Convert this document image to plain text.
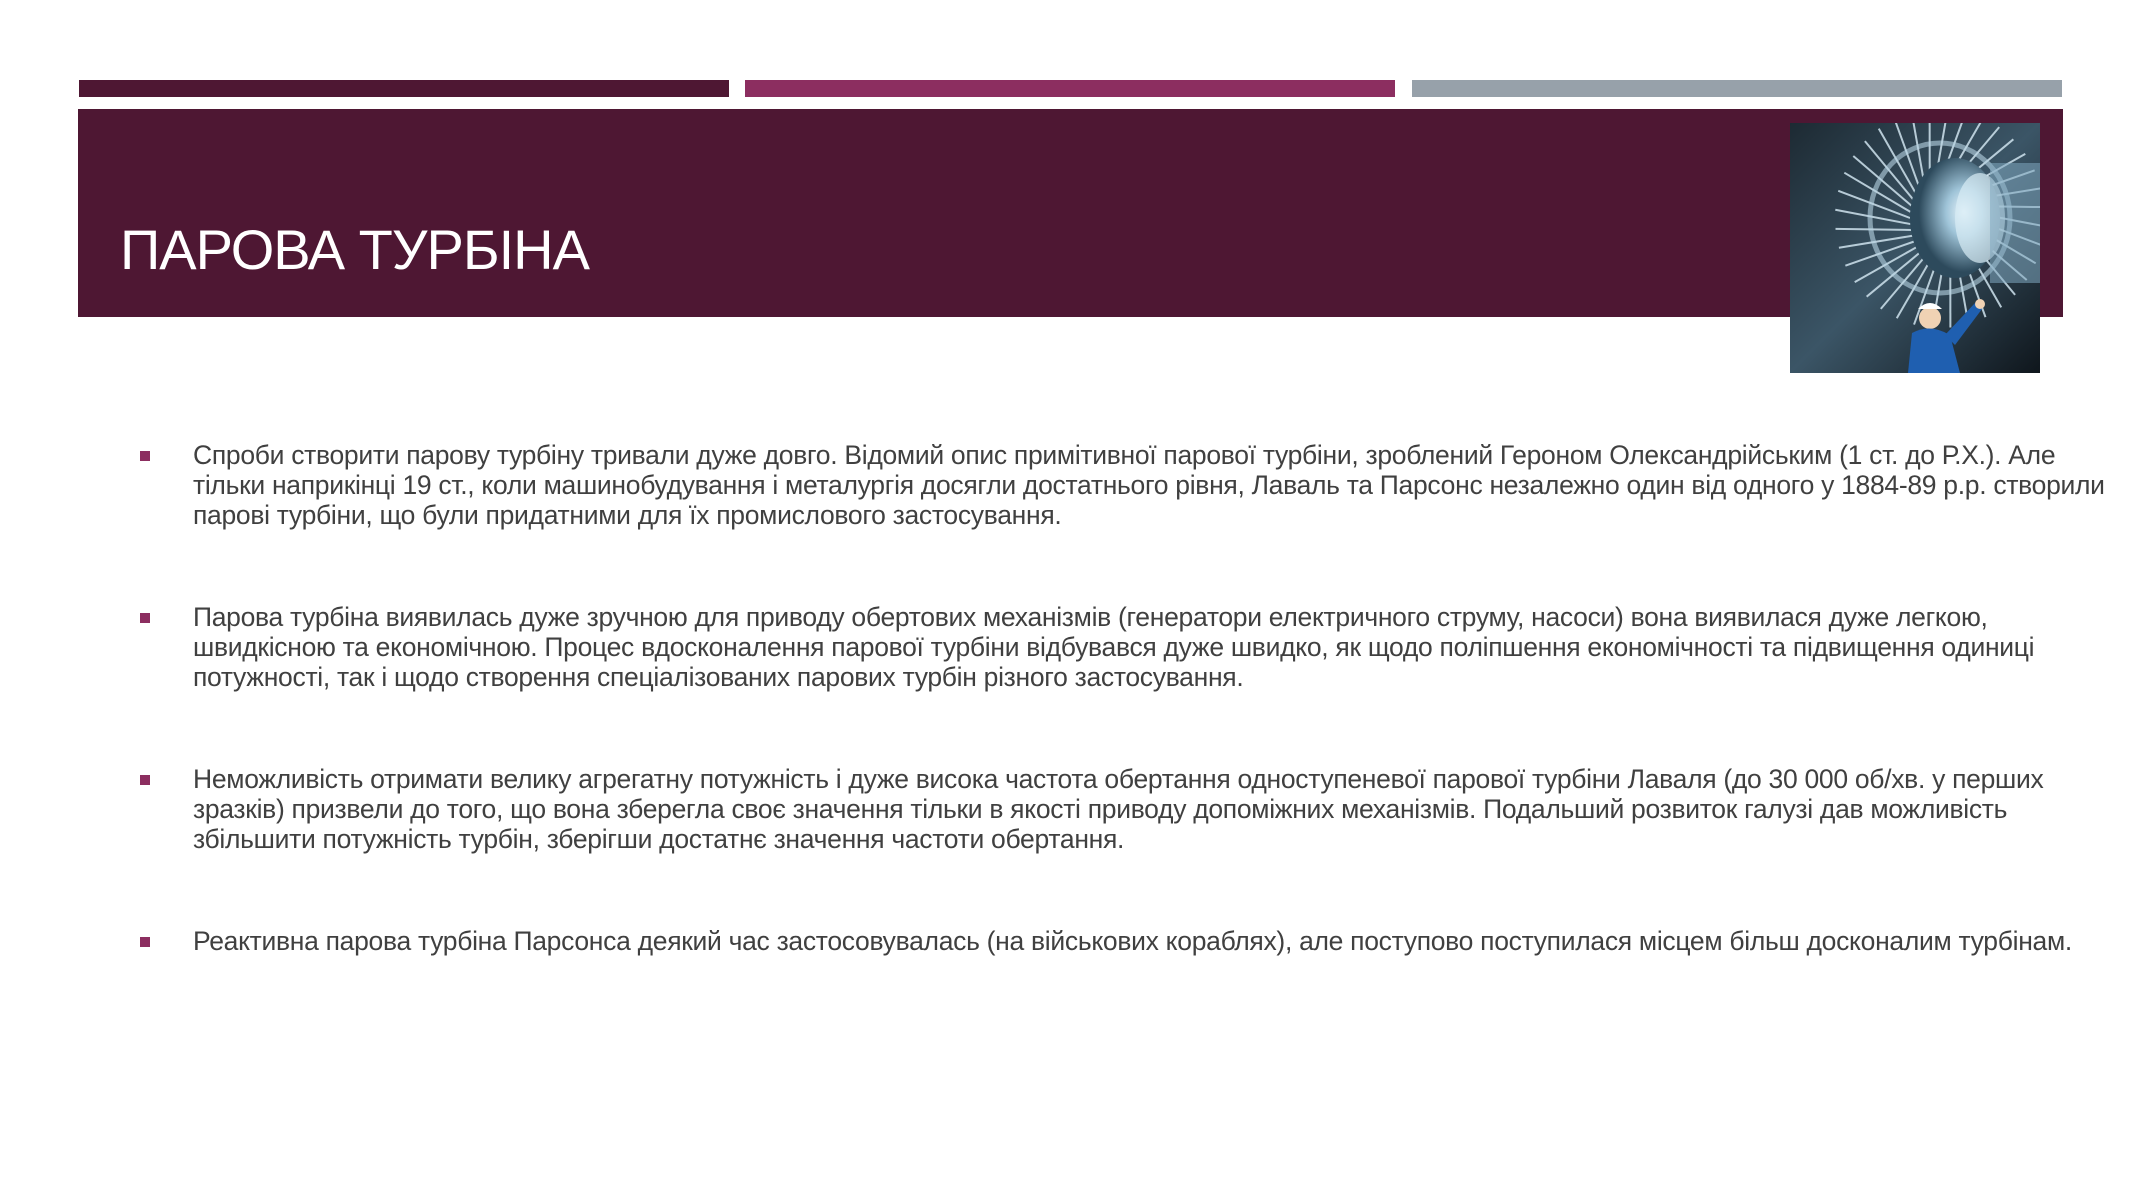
ПАРОВА ТУРБІНА
Спроби створити парову турбіну тривали дуже довго. Відомий опис примітивної парової турбіни, зроблений Героном Олександрійським (1 ст. до Р.Х.). Але тільки наприкінці 19 ст., коли машинобудування і металургія досягли достатнього рівня, Лаваль та Парсонс незалежно один від одного у 1884-89 р.р. створили парові турбіни, що були придатними для їх промислового застосування.
Парова турбіна виявилась дуже зручною для приводу обертових механізмів (генератори електричного струму, насоси) вона виявилася дуже легкою, швидкісною та економічною. Процес вдосконалення парової турбіни відбувався дуже швидко, як щодо поліпшення економічності та підвищення одиниці потужності, так і щодо створення спеціалізованих парових турбін різного застосування.
Неможливість отримати велику агрегатну потужність і дуже висока частота обертання одноступеневої парової турбіни Лаваля (до 30 000 об/хв. у перших зразків) призвели до того, що вона зберегла своє значення тільки в якості приводу допоміжних механізмів. Подальший розвиток галузі дав можливість збільшити потужність турбін, зберігши достатнє значення частоти обертання.
Реактивна парова турбіна Парсонса деякий час застосовувалась (на військових кораблях), але поступово поступилася місцем більш досконалим турбінам.
